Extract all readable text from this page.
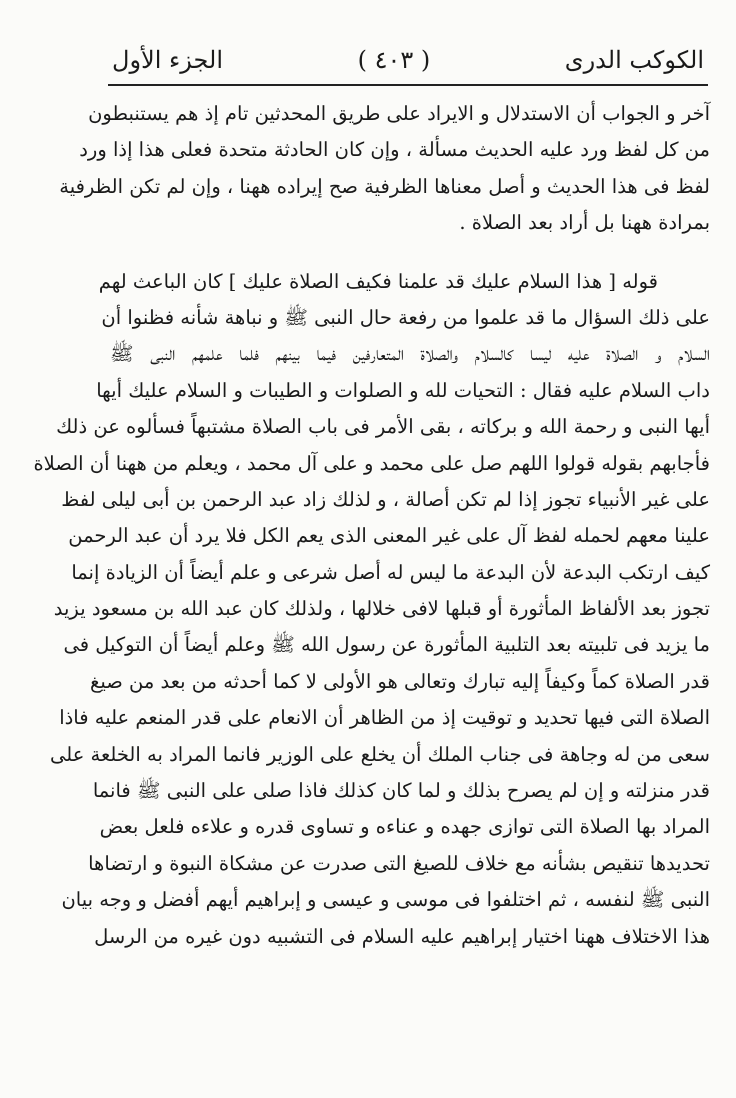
الكوكب الدرى
( ٤٠٣ )
الجزء الأول
آخر و الجواب أن الاستدلال و الايراد على طريق المحدثين تام إذ هم يستنبطون
من كل لفظ ورد عليه الحديث مسألة ، وإن كان الحادثة متحدة فعلى هذا إذا ورد
لفظ فى هذا الحديث و أصل معناها الظرفية صح إيراده ههنا ، وإن لم تكن الظرفية
بمرادة ههنا بل أراد بعد الصلاة .
قوله [ هذا السلام عليك قد علمنا فكيف الصلاة عليك ] كان الباعث لهم
على ذلك السؤال ما قد علموا من رفعة حال النبى ﷺ و نباهة شأنه فظنوا أن
السلام و الصلاة عليه ليسا كالسلام والصلاة المتعارفين فيما بينهم فلما علمهم النبى ﷺ
داب السلام عليه فقال : التحيات لله و الصلوات و الطيبات و السلام عليك أيها
أيها النبى و رحمة الله و بركاته ، بقى الأمر فى باب الصلاة مشتبهاً فسألوه عن ذلك
فأجابهم بقوله قولوا اللهم صل على محمد و على آل محمد ، ويعلم من ههنا أن الصلاة
على غير الأنبياء تجوز إذا لم تكن أصالة ، و لذلك زاد عبد الرحمن بن أبى ليلى لفظ
علينا معهم لحمله لفظ آل على غير المعنى الذى يعم الكل فلا يرد أن عبد الرحمن
كيف ارتكب البدعة لأن البدعة ما ليس له أصل شرعى و علم أيضاً أن الزيادة إنما
تجوز بعد الألفاظ المأثورة أو قبلها لافى خلالها ، ولذلك كان عبد الله بن مسعود يزيد
ما يزيد فى تلبيته بعد التلبية المأثورة عن رسول الله ﷺ وعلم أيضاً أن التوكيل فى
قدر الصلاة كماً وكيفاً إليه تبارك وتعالى هو الأولى لا كما أحدثه من بعد من صيغ
الصلاة التى فيها تحديد و توقيت إذ من الظاهر أن الانعام على قدر المنعم عليه فاذا
سعى من له وجاهة فى جناب الملك أن يخلع على الوزير فانما المراد به الخلعة على
قدر منزلته و إن لم يصرح بذلك و لما كان كذلك فاذا صلى على النبى ﷺ فانما
المراد بها الصلاة التى توازى جهده و عناءه و تساوى قدره و علاءه فلعل بعض
تحديدها تنقيص بشأنه مع خلاف للصيغ التى صدرت عن مشكاة النبوة و ارتضاها
النبى ﷺ لنفسه ، ثم اختلفوا فى موسى و عيسى و إبراهيم أيهم أفضل و وجه بيان
هذا الاختلاف ههنا اختيار إبراهيم عليه السلام فى التشبيه دون غيره من الرسل
